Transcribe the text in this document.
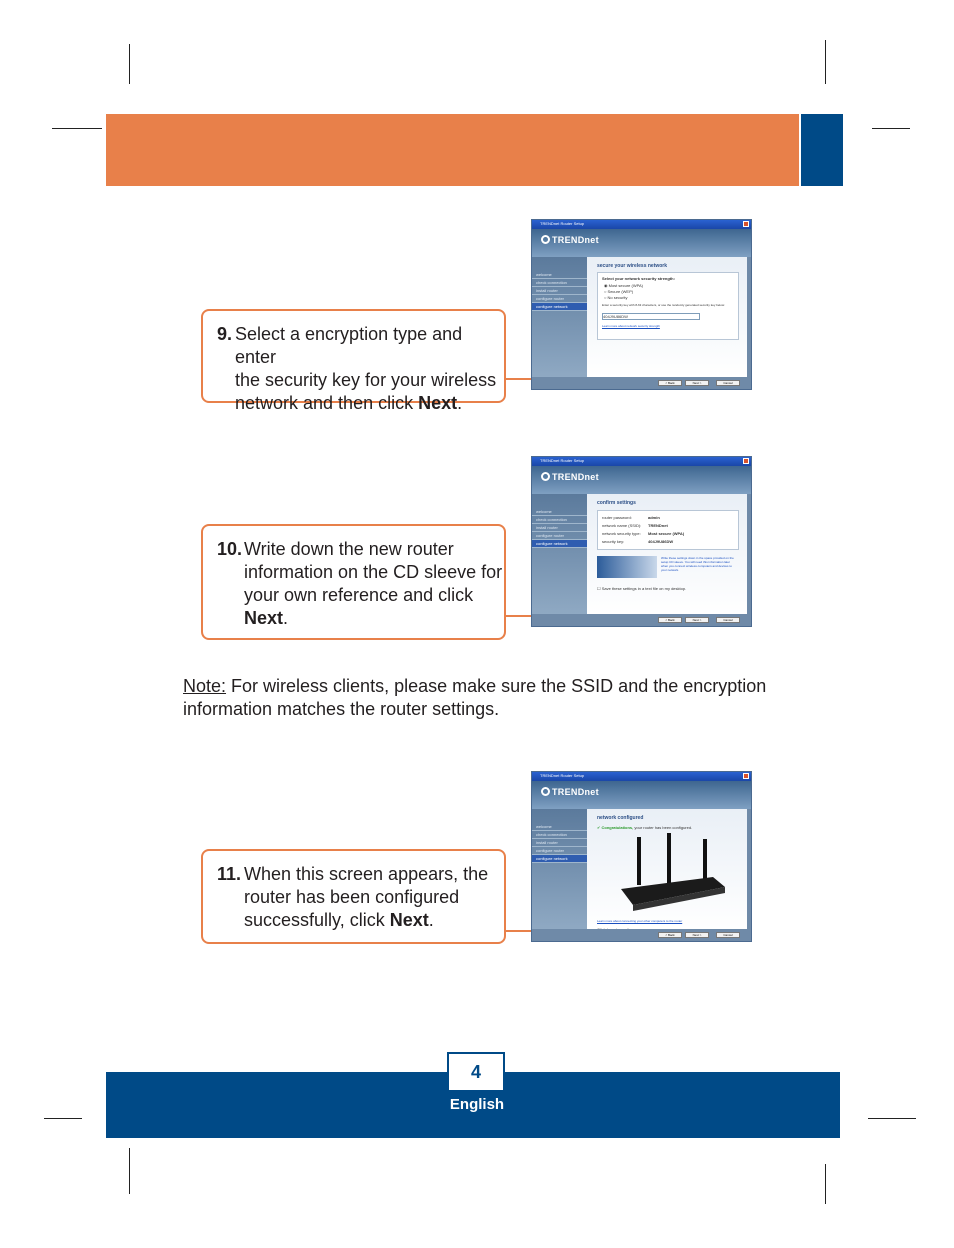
9. Select a encryption type and enter
the security key for your wireless
network and then click Next.
TRENDnet Router Setup
TRENDnet
welcome
check connection
install router
configure router
configure network
secure your wireless network
Select your network security strength:
◉ Most secure (WPA)
○ Secure (WEP)
○ No security
Enter a security key with 8-63 characters, or use the randomly generated security key below:
404J9U86DW
Learn more about network security strength
< Back	Next >	Cancel
10. Write down the new router
information on the CD sleeve for
your own reference and click
Next.
TRENDnet Router Setup
TRENDnet
welcome
check connection
install router
configure router
configure network
confirm settings
router password:	admin
network name (SSID): TRENDnet
network security type: Most secure (WPA)
security key:	404J9U86DW
Write these settings down in the space provided on the setup CD sleeve. You will need this information later when you connect wireless computers and devices to your network.
☐ Save these settings in a text file on my desktop.
< Back	Next >	Cancel
Note: For wireless clients, please make sure the SSID and the encryption information matches the router settings.
11. When this screen appears, the
router has been configured
successfully, click Next.
TRENDnet Router Setup
TRENDnet
welcome
check connection
install router
configure router
configure network
network configured
✔ Congratulations, your router has been configured.
Learn more about connecting your other computers to the router
< Back	Next >	Cancel
4
English
